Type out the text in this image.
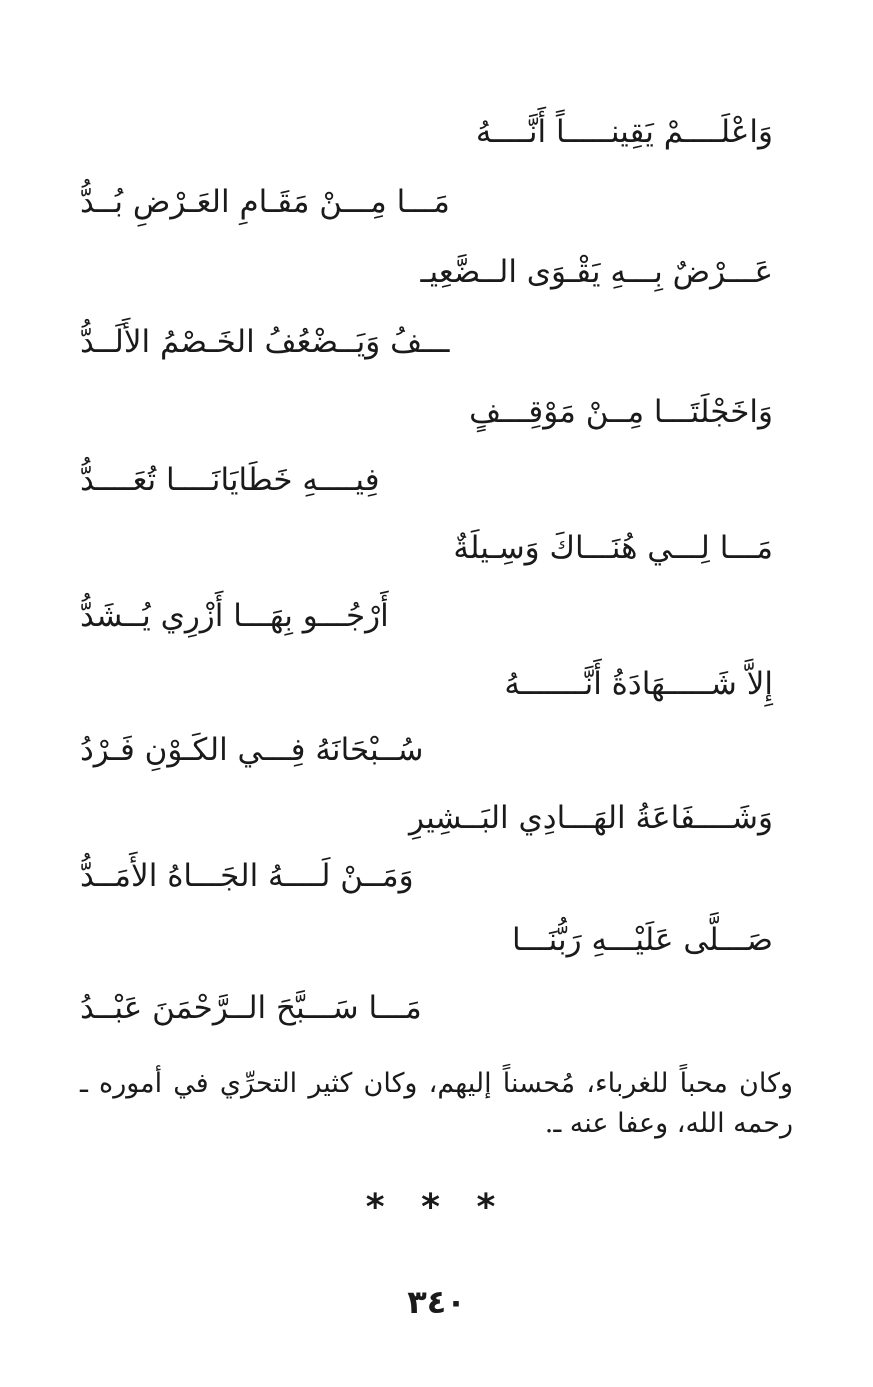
وَاعْلَــــمْ يَقِينـــــاً أَنَّــــهُ
مَـــا مِـــنْ مَقَـامِ العَـرْضِ بُــدُّ
عَـــرْضٌ بِـــهِ يَقْـوَى الــضَّعِيـ
ـــفُ وَيَــضْعُفُ الخَـصْمُ الأَلَــدُّ
وَاخَجْلَتَـــا مِــنْ مَوْقِـــفٍ
فِيــــهِ خَطَايَانَــــا تُعَــــدُّ
مَـــا لِـــي هُنَـــاكَ وَسِـيلَةٌ
أَرْجُـــو بِهَـــا أَزْرِي يُــشَدُّ
إِلاَّ شَـــــهَادَةُ أَنَّـــــــهُ
سُــبْحَانَهُ فِـــي الكَـوْنِ فَـرْدُ
وَشَــــفَاعَةُ الهَـــادِي البَــشِيرِ
وَمَــنْ لَــــهُ الجَـــاهُ الأَمَــدُّ
صَـــلَّى عَلَيْـــهِ رَبُّنَـــا
مَـــا سَـــبَّحَ الــرَّحْمَنَ عَبْــدُ
وكان محباً للغرباء، مُحسناً إليهم، وكان كثير التحرِّي في أموره ـ رحمه الله، وعفا عنه ـ.
* * *
٣٤٠
